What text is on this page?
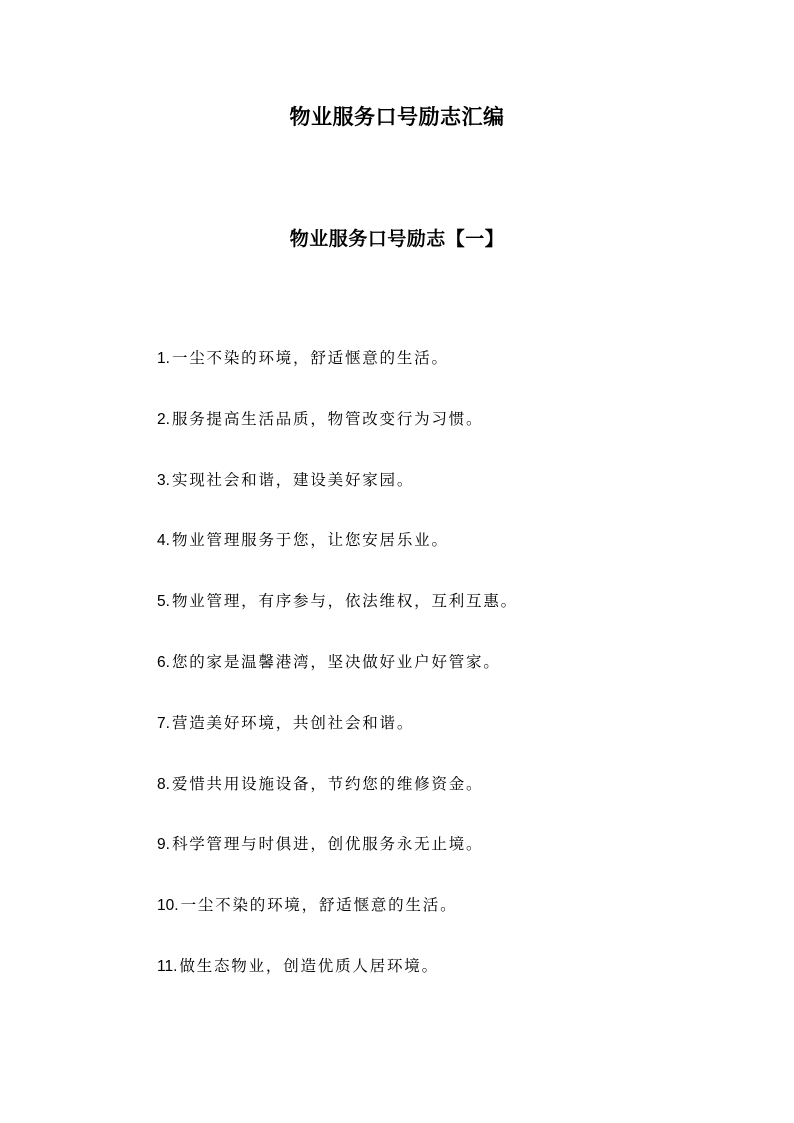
物业服务口号励志汇编
物业服务口号励志【一】
1. 一尘不染的环境，舒适惬意的生活。
2. 服务提高生活品质，物管改变行为习惯。
3. 实现社会和谐，建设美好家园。
4. 物业管理服务于您，让您安居乐业。
5. 物业管理，有序参与，依法维权，互利互惠。
6. 您的家是温馨港湾，坚决做好业户好管家。
7. 营造美好环境，共创社会和谐。
8. 爱惜共用设施设备，节约您的维修资金。
9. 科学管理与时俱进，创优服务永无止境。
10. 一尘不染的环境，舒适惬意的生活。
11. 做生态物业，创造优质人居环境。
